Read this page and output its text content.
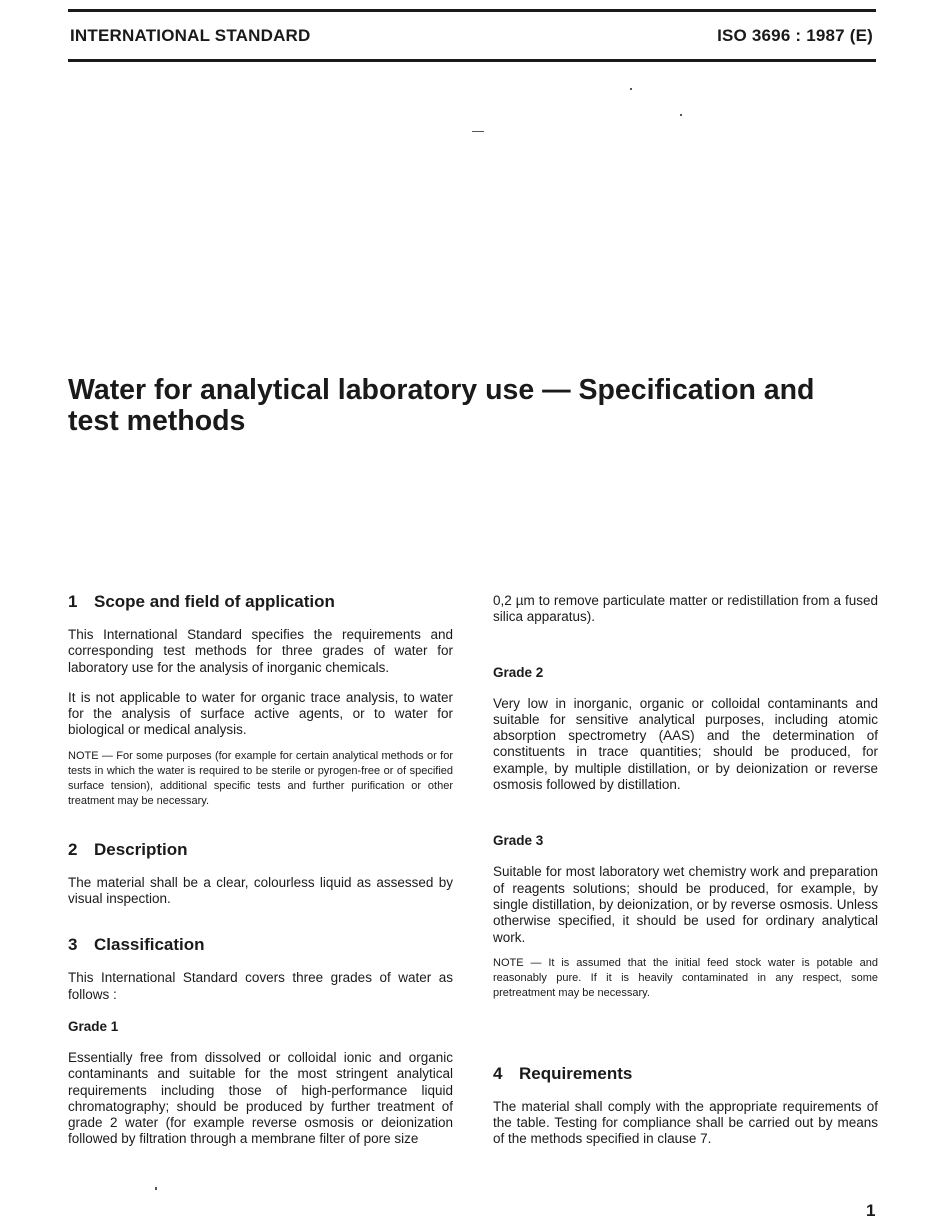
INTERNATIONAL STANDARD	ISO 3696 : 1987 (E)
Water for analytical laboratory use — Specification and test methods
1 Scope and field of application

This International Standard specifies the requirements and corresponding test methods for three grades of water for laboratory use for the analysis of inorganic chemicals.

It is not applicable to water for organic trace analysis, to water for the analysis of surface active agents, or to water for biological or medical analysis.

NOTE — For some purposes (for example for certain analytical methods or for tests in which the water is required to be sterile or pyrogen-free or of specified surface tension), additional specific tests and further purification or other treatment may be necessary.

2 Description

The material shall be a clear, colourless liquid as assessed by visual inspection.

3 Classification

This International Standard covers three grades of water as follows :

Grade 1

Essentially free from dissolved or colloidal ionic and organic contaminants and suitable for the most stringent analytical requirements including those of high-performance liquid chromatography; should be produced by further treatment of grade 2 water (for example reverse osmosis or deionization followed by filtration through a membrane filter of pore size

0,2 µm to remove particulate matter or redistillation from a fused silica apparatus).

Grade 2

Very low in inorganic, organic or colloidal contaminants and suitable for sensitive analytical purposes, including atomic absorption spectrometry (AAS) and the determination of constituents in trace quantities; should be produced, for example, by multiple distillation, or by deionization or reverse osmosis followed by distillation.

Grade 3

Suitable for most laboratory wet chemistry work and preparation of reagents solutions; should be produced, for example, by single distillation, by deionization, or by reverse osmosis. Unless otherwise specified, it should be used for ordinary analytical work.

NOTE — It is assumed that the initial feed stock water is potable and reasonably pure. If it is heavily contaminated in any respect, some pretreatment may be necessary.

4 Requirements

The material shall comply with the appropriate requirements of the table. Testing for compliance shall be carried out by means of the methods specified in clause 7.

1
